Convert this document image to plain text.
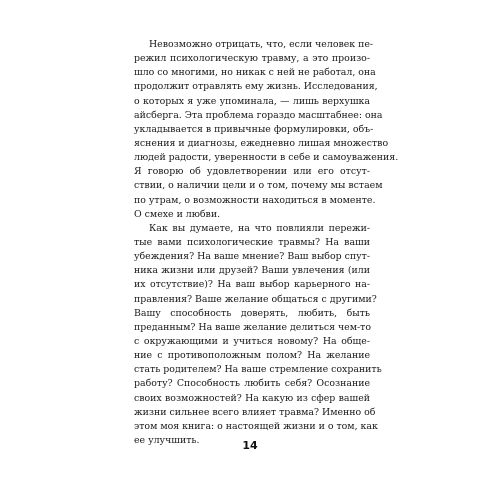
Невозможно отрицать, что, если человек пе-
режил психологическую травму, а это произо-
шло со многими, но никак с ней не работал, она
продолжит отравлять ему жизнь. Исследования,
о которых я уже упоминала, — лишь верхушка
айсберга. Эта проблема гораздо масштабнее: она
укладывается в привычные формулировки, объ-
яснения и диагнозы, ежедневно лишая множество
людей радости, уверенности в себе и самоуважения.
Я говорю об удовлетворении или его отсут-
ствии, о наличии цели и о том, почему мы встаем
по утрам, о возможности находиться в моменте.
О смехе и любви.

Как вы думаете, на что повлияли пережи-
тые вами психологические травмы? На ваши
убеждения? На ваше мнение? Ваш выбор спут-
ника жизни или друзей? Ваши увлечения (или
их отсутствие)? На ваш выбор карьерного на-
правления? Ваше желание общаться с другими?
Вашу способность доверять, любить, быть
преданным? На ваше желание делиться чем-то
с окружающими и учиться новому? На обще-
ние с противоположным полом? На желание
стать родителем? На ваше стремление сохранить
работу? Способность любить себя? Осознание
своих возможностей? На какую из сфер вашей
жизни сильнее всего влияет травма? Именно об
этом моя книга: о настоящей жизни и о том, как
ее улучшить.	14
